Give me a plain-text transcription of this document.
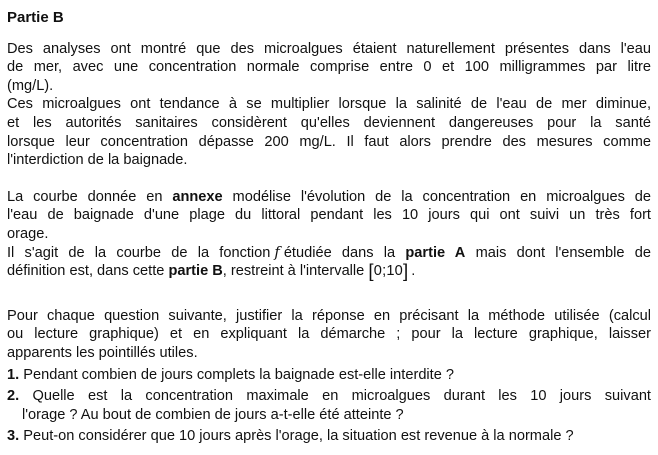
Partie B
Des analyses ont montré que des microalgues étaient naturellement présentes dans l'eau
de mer, avec une concentration normale comprise entre 0 et 100 milligrammes par litre
(mg/L).
Ces microalgues ont tendance à se multiplier lorsque la salinité de l'eau de mer diminue,
et les autorités sanitaires considèrent qu'elles deviennent dangereuses pour la santé
lorsque leur concentration dépasse 200 mg/L. Il faut alors prendre des mesures comme
l'interdiction de la baignade.
La courbe donnée en annexe modélise l'évolution de la concentration en microalgues de
l'eau de baignade d'une plage du littoral pendant les 10 jours qui ont suivi un très fort
orage.
Il s'agit de la courbe de la fonction f étudiée dans la partie A mais dont l'ensemble de
définition est, dans cette partie B, restreint à l'intervalle [0;10] .
Pour chaque question suivante, justifier la réponse en précisant la méthode utilisée (calcul
ou lecture graphique) et en expliquant la démarche ; pour la lecture graphique, laisser
apparents les pointillés utiles.
1. Pendant combien de jours complets la baignade est-elle interdite ?
2. Quelle est la concentration maximale en microalgues durant les 10 jours suivant
l'orage ? Au bout de combien de jours a-t-elle été atteinte ?
3. Peut-on considérer que 10 jours après l'orage, la situation est revenue à la normale ?
